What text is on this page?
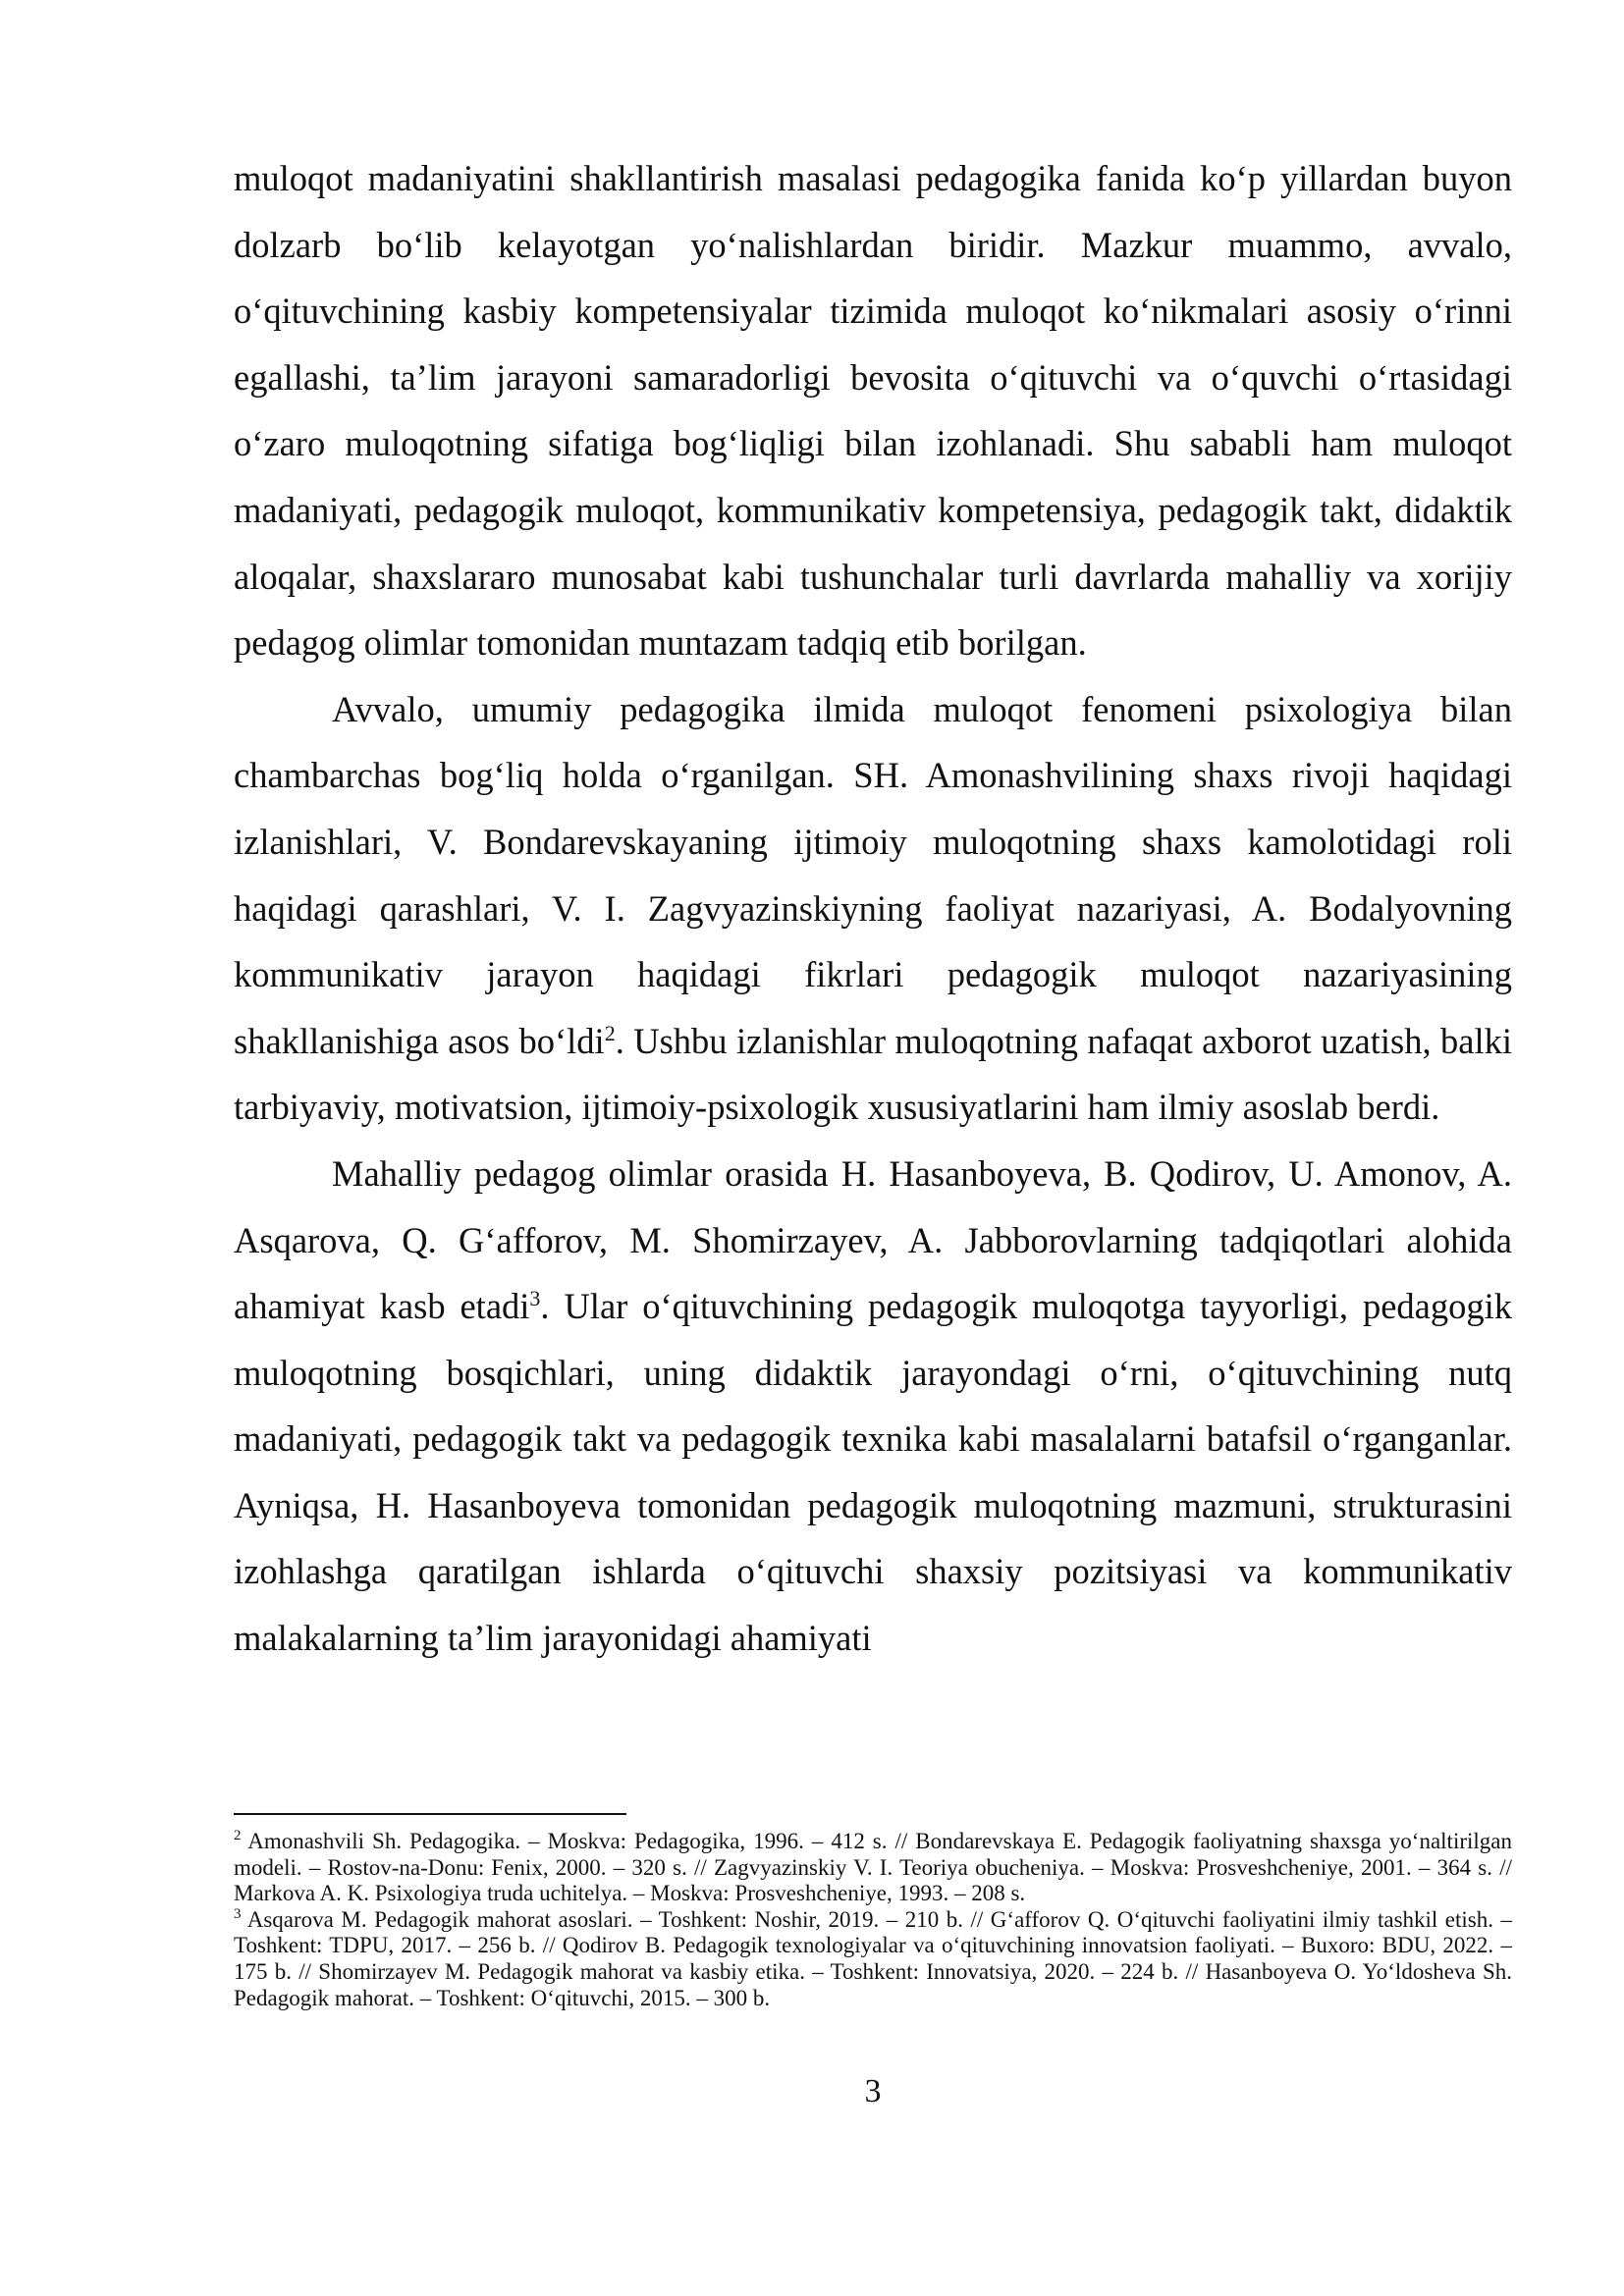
muloqot madaniyatini shakllantirish masalasi pedagogika fanida ko‘p yillardan buyon dolzarb bo‘lib kelayotgan yo‘nalishlardan biridir. Mazkur muammo, avvalo, o‘qituvchining kasbiy kompetensiyalar tizimida muloqot ko‘nikmalari asosiy o‘rinni egallashi, ta’lim jarayoni samaradorligi bevosita o‘qituvchi va o‘quvchi o‘rtasidagi o‘zaro muloqotning sifatiga bog‘liqligi bilan izohlanadi. Shu sababli ham muloqot madaniyati, pedagogik muloqot, kommunikativ kompetensiya, pedagogik takt, didaktik aloqalar, shaxslararo munosabat kabi tushunchalar turli davrlarda mahalliy va xorijiy pedagog olimlar tomonidan muntazam tadqiq etib borilgan.

Avvalo, umumiy pedagogika ilmida muloqot fenomeni psixologiya bilan chambarchas bog‘liq holda o‘rganilgan. SH. Amonashvilining shaxs rivoji haqidagi izlanishlari, V. Bondarevskayaning ijtimoiy muloqotning shaxs kamolotidagi roli haqidagi qarashlari, V. I. Zagvyazinskiyning faoliyat nazariyasi, A. Bodalyovning kommunikativ jarayon haqidagi fikrlari pedagogik muloqot nazariyasining shakllanishiga asos bo‘ldi$^2$. Ushbu izlanishlar muloqotning nafaqat axborot uzatish, balki tarbiyaviy, motivatsion, ijtimoiy-psixologik xususiyatlarini ham ilmiy asoslab berdi.

Mahalliy pedagog olimlar orasida H. Hasanboyeva, B. Qodirov, U. Amonov, A. Asqarova, Q. G‘afforov, M. Shomirzayev, A. Jabborovlarning tadqiqotlari alohida ahamiyat kasb etadi$^3$. Ular o‘qituvchining pedagogik muloqotga tayyorligi, pedagogik muloqotning bosqichlari, uning didaktik jarayondagi o‘rni, o‘qituvchining nutq madaniyati, pedagogik takt va pedagogik texnika kabi masalalarni batafsil o‘rganganlar. Ayniqsa, H. Hasanboyeva tomonidan pedagogik muloqotning mazmuni, strukturasini izohlashga qaratilgan ishlarda o‘qituvchi shaxsiy pozitsiyasi va kommunikativ malakalarning ta’lim jarayonidagi ahamiyati

$^2$ Amonashvili Sh. Pedagogika. – Moskva: Pedagogika, 1996. – 412 s. // Bondarevskaya E. Pedagogik faoliyatning shaxsga yo‘naltirilgan modeli. – Rostov-na-Donu: Fenix, 2000. – 320 s. // Zagvyazinskiy V. I. Teoriya obucheniya. – Moskva: Prosveshcheniye, 2001. – 364 s. // Markova A. K. Psixologiya truda uchitelya. – Moskva: Prosveshcheniye, 1993. – 208 s.

$^3$ Asqarova M. Pedagogik mahorat asoslari. – Toshkent: Noshir, 2019. – 210 b. // G‘afforov Q. O‘qituvchi faoliyatini ilmiy tashkil etish. – Toshkent: TDPU, 2017. – 256 b. // Qodirov B. Pedagogik texnologiyalar va o‘qituvchining innovatsion faoliyati. – Buxoro: BDU, 2022. – 175 b. // Shomirzayev M. Pedagogik mahorat va kasbiy etika. – Toshkent: Innovatsiya, 2020. – 224 b. // Hasanboyeva O. Yo‘ldosheva Sh. Pedagogik mahorat. – Toshkent: O‘qituvchi, 2015. – 300 b.

3
